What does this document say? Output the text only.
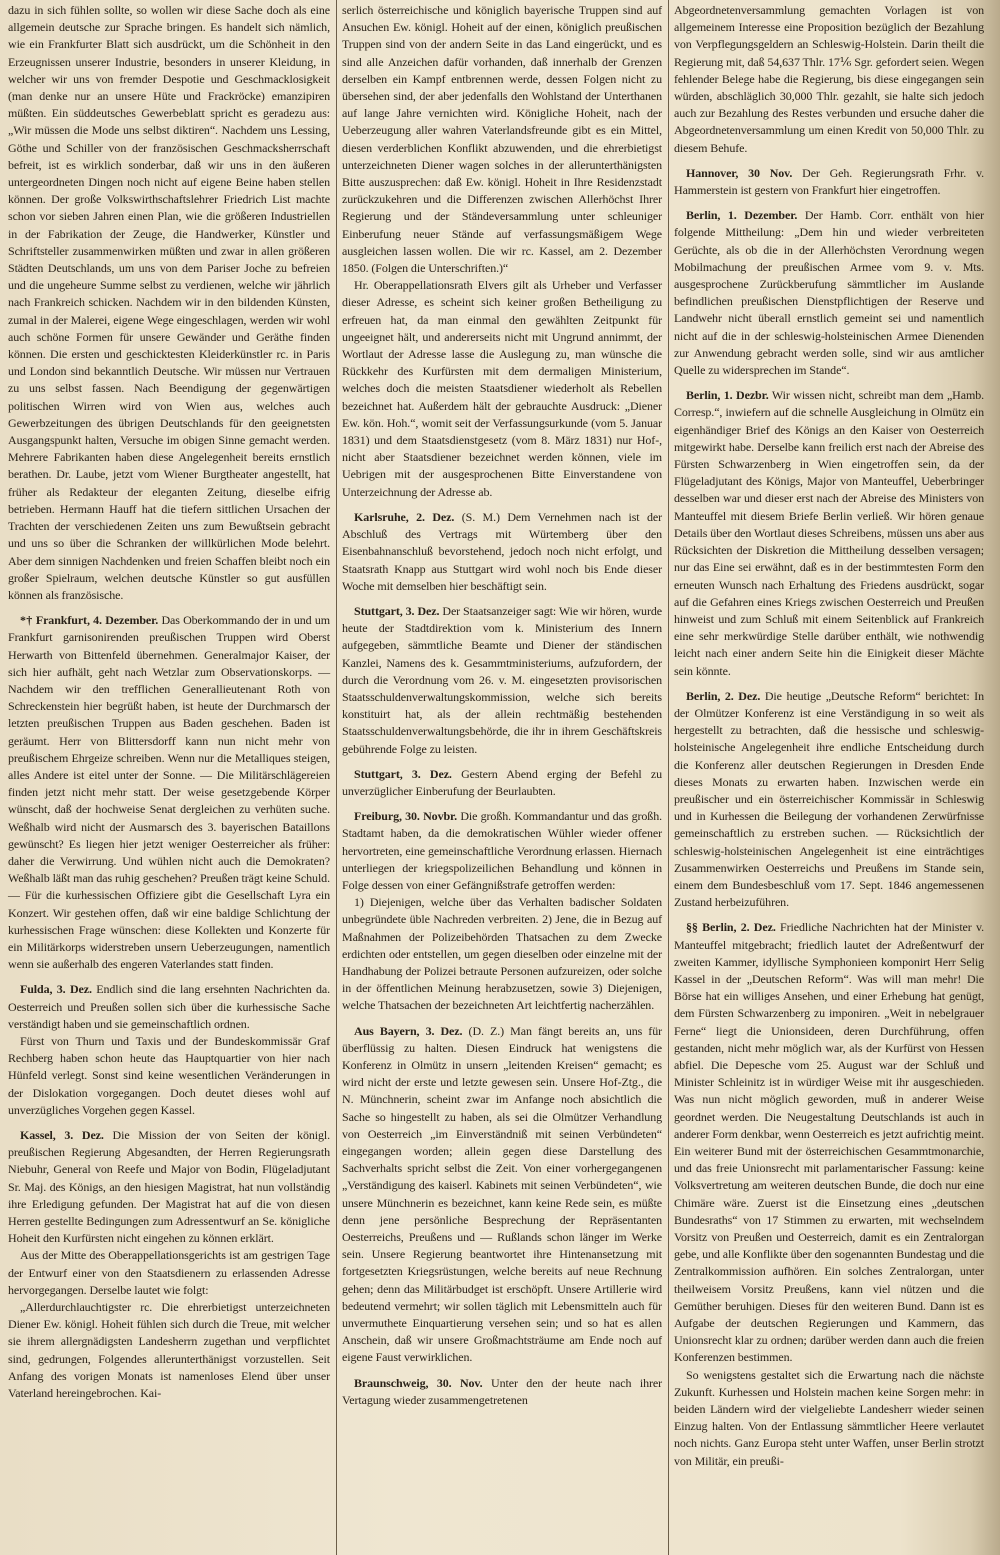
dazu in sich fühlen sollte, so wollen wir diese Sache doch als eine allgemein deutsche zur Sprache bringen. Es handelt sich nämlich, wie ein Frankfurter Blatt sich ausdrückt, um die Schönheit in den Erzeugnissen unserer Industrie, besonders in unserer Kleidung, in welcher wir uns von fremder Despotie und Geschmacklosigkeit (man denke nur an unsere Hüte und Frackröcke) emanzipiren müßten. Ein süddeutsches Gewerbeblatt spricht es geradezu aus: „Wir müssen die Mode uns selbst diktiren“. Nachdem uns Lessing, Göthe und Schiller von der französischen Geschmacksherrschaft befreit, ist es wirklich sonderbar, daß wir uns in den äußeren untergeordneten Dingen noch nicht auf eigene Beine haben stellen können. Der große Volkswirthschaftslehrer Friedrich List machte schon vor sieben Jahren einen Plan, wie die größeren Industriellen in der Fabrikation der Zeuge, die Handwerker, Künstler und Schriftsteller zusammenwirken müßten und zwar in allen größeren Städten Deutschlands, um uns von dem Pariser Joche zu befreien und die ungeheure Summe selbst zu verdienen, welche wir jährlich nach Frankreich schicken. Nachdem wir in den bildenden Künsten, zumal in der Malerei, eigene Wege eingeschlagen, werden wir wohl auch schöne Formen für unsere Gewänder und Geräthe finden können. Die ersten und geschicktesten Kleiderkünstler rc. in Paris und London sind bekanntlich Deutsche. Wir müssen nur Vertrauen zu uns selbst fassen. Nach Beendigung der gegenwärtigen politischen Wirren wird von Wien aus, welches auch Gewerbzeitungen des übrigen Deutschlands für den geeignetsten Ausgangspunkt halten, Versuche im obigen Sinne gemacht werden. Mehrere Fabrikanten haben diese Angelegenheit bereits ernstlich berathen. Dr. Laube, jetzt vom Wiener Burgtheater angestellt, hat früher als Redakteur der eleganten Zeitung, dieselbe eifrig betrieben. Hermann Hauff hat die tiefern sittlichen Ursachen der Trachten der verschiedenen Zeiten uns zum Bewußtsein gebracht und uns so über die Schranken der willkürlichen Mode belehrt. Aber dem sinnigen Nachdenken und freien Schaffen bleibt noch ein großer Spielraum, welchen deutsche Künstler so gut ausfüllen können als französische.

*† Frankfurt, 4. Dezember. Das Oberkommando der in und um Frankfurt garnisonirenden preußischen Truppen wird Oberst Herwarth von Bittenfeld übernehmen. Generalmajor Kaiser, der sich hier aufhält, geht nach Wetzlar zum Observationskorps. — Nachdem wir den trefflichen Generallieutenant Roth von Schreckenstein hier begrüßt haben, ist heute der Durchmarsch der letzten preußischen Truppen aus Baden geschehen. Baden ist geräumt. Herr von Blittersdorff kann nun nicht mehr von preußischem Ehrgeize schreiben. Wenn nur die Metalliques steigen, alles Andere ist eitel unter der Sonne. — Die Militärschlägereien finden jetzt nicht mehr statt. Der weise gesetzgebende Körper wünscht, daß der hochweise Senat dergleichen zu verhüten suche. Weßhalb wird nicht der Ausmarsch des 3. bayerischen Bataillons gewünscht? Es liegen hier jetzt weniger Oesterreicher als früher: daher die Verwirrung. Und wühlen nicht auch die Demokraten? Weßhalb läßt man das ruhig geschehen? Preußen trägt keine Schuld. — Für die kurhessischen Offiziere gibt die Gesellschaft Lyra ein Konzert. Wir gestehen offen, daß wir eine baldige Schlichtung der kurhessischen Frage wünschen: diese Kollekten und Konzerte für ein Militärkorps widerstreben unsern Ueberzeugungen, namentlich wenn sie außerhalb des engeren Vaterlandes statt finden.

Fulda, 3. Dez. Endlich sind die lang ersehnten Nachrichten da. Oesterreich und Preußen sollen sich über die kurhessische Sache verständigt haben und sie gemeinschaftlich ordnen.

Fürst von Thurn und Taxis und der Bundeskommissär Graf Rechberg haben schon heute das Hauptquartier von hier nach Hünfeld verlegt. Sonst sind keine wesentlichen Veränderungen in der Dislokation vorgegangen. Doch deutet dieses wohl auf unverzügliches Vorgehen gegen Kassel.

Kassel, 3. Dez. Die Mission der von Seiten der königl. preußischen Regierung Abgesandten, der Herren Regierungsrath Niebuhr, General von Reefe und Major von Bodin, Flügeladjutant Sr. Maj. des Königs, an den hiesigen Magistrat, hat nun vollständig ihre Erledigung gefunden. Der Magistrat hat auf die von diesen Herren gestellte Bedingungen zum Adressentwurf an Se. königliche Hoheit den Kurfürsten nicht eingehen zu können erklärt.

Aus der Mitte des Oberappellationsgerichts ist am gestrigen Tage der Entwurf einer von den Staatsdienern zu erlassenden Adresse hervorgegangen. Derselbe lautet wie folgt:

„Allerdurchlauchtigster rc. Die ehrerbietigst unterzeichneten Diener Ew. königl. Hoheit fühlen sich durch die Treue, mit welcher sie ihrem allergnädigsten Landesherrn zugethan und verpflichtet sind, gedrungen, Folgendes allerunterthänigst vorzustellen. Seit Anfang des vorigen Monats ist namenloses Elend über unser Vaterland hereingebrochen. Kai-

serlich österreichische und königlich bayerische Truppen sind auf Ansuchen Ew. königl. Hoheit auf der einen, königlich preußischen Truppen sind von der andern Seite in das Land eingerückt, und es sind alle Anzeichen dafür vorhanden, daß innerhalb der Grenzen derselben ein Kampf entbrennen werde, dessen Folgen nicht zu übersehen sind, der aber jedenfalls den Wohlstand der Unterthanen auf lange Jahre vernichten wird. Königliche Hoheit, nach der Ueberzeugung aller wahren Vaterlandsfreunde gibt es ein Mittel, diesen verderblichen Konflikt abzuwenden, und die ehrerbietigst unterzeichneten Diener wagen solches in der allerunterthänigsten Bitte auszusprechen: daß Ew. königl. Hoheit in Ihre Residenzstadt zurückzukehren und die Differenzen zwischen Allerhöchst Ihrer Regierung und der Ständeversammlung unter schleuniger Einberufung neuer Stände auf verfassungsmäßigem Wege ausgleichen lassen wollen. Die wir rc. Kassel, am 2. Dezember 1850. (Folgen die Unterschriften.)“

Hr. Oberappellationsrath Elvers gilt als Urheber und Verfasser dieser Adresse, es scheint sich keiner großen Betheiligung zu erfreuen hat, da man einmal den gewählten Zeitpunkt für ungeeignet hält, und andererseits nicht mit Ungrund annimmt, der Wortlaut der Adresse lasse die Auslegung zu, man wünsche die Rückkehr des Kurfürsten mit dem dermaligen Ministerium, welches doch die meisten Staatsdiener wiederholt als Rebellen bezeichnet hat. Außerdem hält der gebrauchte Ausdruck: „Diener Ew. kön. Hoh.“, womit seit der Verfassungsurkunde (vom 5. Januar 1831) und dem Staatsdienstgesetz (vom 8. März 1831) nur Hof-, nicht aber Staatsdiener bezeichnet werden können, viele im Uebrigen mit der ausgesprochenen Bitte Einverstandene von Unterzeichnung der Adresse ab.

Karlsruhe, 2. Dez. (S. M.) Dem Vernehmen nach ist der Abschluß des Vertrags mit Würtemberg über den Eisenbahnanschluß bevorstehend, jedoch noch nicht erfolgt, und Staatsrath Knapp aus Stuttgart wird wohl noch bis Ende dieser Woche mit demselben hier beschäftigt sein.

Stuttgart, 3. Dez. Der Staatsanzeiger sagt: Wie wir hören, wurde heute der Stadtdirektion vom k. Ministerium des Innern aufgegeben, sämmtliche Beamte und Diener der ständischen Kanzlei, Namens des k. Gesammtministeriums, aufzufordern, der durch die Verordnung vom 26. v. M. eingesetzten provisorischen Staatsschuldenverwaltungskommission, welche sich bereits konstituirt hat, als der allein rechtmäßig bestehenden Staatsschuldenverwaltungsbehörde, die ihr in ihrem Geschäftskreis gebührende Folge zu leisten.

Stuttgart, 3. Dez. Gestern Abend erging der Befehl zu unverzüglicher Einberufung der Beurlaubten.

Freiburg, 30. Novbr. Die großh. Kommandantur und das großh. Stadtamt haben, da die demokratischen Wühler wieder offener hervortreten, eine gemeinschaftliche Verordnung erlassen. Hiernach unterliegen der kriegspolizeilichen Behandlung und können in Folge dessen von einer Gefängnißstrafe getroffen werden:

1) Diejenigen, welche über das Verhalten badischer Soldaten unbegründete üble Nachreden verbreiten. 2) Jene, die in Bezug auf Maßnahmen der Polizeibehörden Thatsachen zu dem Zwecke erdichten oder entstellen, um gegen dieselben oder einzelne mit der Handhabung der Polizei betraute Personen aufzureizen, oder solche in der öffentlichen Meinung herabzusetzen, sowie 3) Diejenigen, welche Thatsachen der bezeichneten Art leichtfertig nacherzählen.

Aus Bayern, 3. Dez. (D. Z.) Man fängt bereits an, uns für überflüssig zu halten. Diesen Eindruck hat wenigstens die Konferenz in Olmütz in unsern „leitenden Kreisen“ gemacht; es wird nicht der erste und letzte gewesen sein. Unsere Hof-Ztg., die N. Münchnerin, scheint zwar im Anfange noch absichtlich die Sache so hingestellt zu haben, als sei die Olmützer Verhandlung von Oesterreich „im Einverständniß mit seinen Verbündeten“ eingegangen worden; allein gegen diese Darstellung des Sachverhalts spricht selbst die Zeit. Von einer vorhergegangenen „Verständigung des kaiserl. Kabinets mit seinen Verbündeten“, wie unsere Münchnerin es bezeichnet, kann keine Rede sein, es müßte denn jene persönliche Besprechung der Repräsentanten Oesterreichs, Preußens und — Rußlands schon länger im Werke sein. Unsere Regierung beantwortet ihre Hintenansetzung mit fortgesetzten Kriegsrüstungen, welche bereits auf neue Rechnung gehen; denn das Militärbudget ist erschöpft. Unsere Artillerie wird bedeutend vermehrt; wir sollen täglich mit Lebensmitteln auch für unvermuthete Einquartierung versehen sein; und so hat es allen Anschein, daß wir unsere Großmachtsträume am Ende noch auf eigene Faust verwirklichen.

Braunschweig, 30. Nov. Unter den der heute nach ihrer Vertagung wieder zusammengetretenen

Abgeordnetenversammlung gemachten Vorlagen ist von allgemeinem Interesse eine Proposition bezüglich der Bezahlung von Verpflegungsgeldern an Schleswig-Holstein. Darin theilt die Regierung mit, daß 54,637 Thlr. 17⅙ Sgr. gefordert seien. Wegen fehlender Belege habe die Regierung, bis diese eingegangen sein würden, abschläglich 30,000 Thlr. gezahlt, sie halte sich jedoch auch zur Bezahlung des Restes verbunden und ersuche daher die Abgeordnetenversammlung um einen Kredit von 50,000 Thlr. zu diesem Behufe.

Hannover, 30 Nov. Der Geh. Regierungsrath Frhr. v. Hammerstein ist gestern von Frankfurt hier eingetroffen.

Berlin, 1. Dezember. Der Hamb. Corr. enthält von hier folgende Mittheilung: „Dem hin und wieder verbreiteten Gerüchte, als ob die in der Allerhöchsten Verordnung wegen Mobilmachung der preußischen Armee vom 9. v. Mts. ausgesprochene Zurückberufung sämmtlicher im Auslande befindlichen preußischen Dienstpflichtigen der Reserve und Landwehr nicht überall ernstlich gemeint sei und namentlich nicht auf die in der schleswig-holsteinischen Armee Dienenden zur Anwendung gebracht werden solle, sind wir aus amtlicher Quelle zu widersprechen im Stande“.

Berlin, 1. Dezbr. Wir wissen nicht, schreibt man dem „Hamb. Corresp.“, inwiefern auf die schnelle Ausgleichung in Olmütz ein eigenhändiger Brief des Königs an den Kaiser von Oesterreich mitgewirkt habe. Derselbe kann freilich erst nach der Abreise des Fürsten Schwarzenberg in Wien eingetroffen sein, da der Flügeladjutant des Königs, Major von Manteuffel, Ueberbringer desselben war und dieser erst nach der Abreise des Ministers von Manteuffel mit diesem Briefe Berlin verließ. Wir hören genaue Details über den Wortlaut dieses Schreibens, müssen uns aber aus Rücksichten der Diskretion die Mittheilung desselben versagen; nur das Eine sei erwähnt, daß es in der bestimmtesten Form den erneuten Wunsch nach Erhaltung des Friedens ausdrückt, sogar auf die Gefahren eines Kriegs zwischen Oesterreich und Preußen hinweist und zum Schluß mit einem Seitenblick auf Frankreich eine sehr merkwürdige Stelle darüber enthält, wie nothwendig leicht nach einer andern Seite hin die Einigkeit dieser Mächte sein könnte.

Berlin, 2. Dez. Die heutige „Deutsche Reform“ berichtet: In der Olmützer Konferenz ist eine Verständigung in so weit als hergestellt zu betrachten, daß die hessische und schleswig-holsteinische Angelegenheit ihre endliche Entscheidung durch die Konferenz aller deutschen Regierungen in Dresden Ende dieses Monats zu erwarten haben. Inzwischen werde ein preußischer und ein österreichischer Kommissär in Schleswig und in Kurhessen die Beilegung der vorhandenen Zerwürfnisse gemeinschaftlich zu erstreben suchen. — Rücksichtlich der schleswig-holsteinischen Angelegenheit ist eine einträchtiges Zusammenwirken Oesterreichs und Preußens im Stande sein, einem dem Bundesbeschluß vom 17. Sept. 1846 angemessenen Zustand herbeizuführen.

§§ Berlin, 2. Dez. Friedliche Nachrichten hat der Minister v. Manteuffel mitgebracht; friedlich lautet der Adreßentwurf der zweiten Kammer, idyllische Symphonieen komponirt Herr Selig Kassel in der „Deutschen Reform“. Was will man mehr! Die Börse hat ein williges Ansehen, und einer Erhebung hat genügt, dem Fürsten Schwarzenberg zu imponiren. „Weit in nebelgrauer Ferne“ liegt die Unionsideen, deren Durchführung, offen gestanden, nicht mehr möglich war, als der Kurfürst von Hessen abfiel. Die Depesche vom 25. August war der Schluß und Minister Schleinitz ist in würdiger Weise mit ihr ausgeschieden. Was nun nicht möglich geworden, muß in anderer Weise geordnet werden. Die Neugestaltung Deutschlands ist auch in anderer Form denkbar, wenn Oesterreich es jetzt aufrichtig meint. Ein weiterer Bund mit der österreichischen Gesammtmonarchie, und das freie Unionsrecht mit parlamentarischer Fassung: keine Volksvertretung am weiteren deutschen Bunde, die doch nur eine Chimäre wäre. Zuerst ist die Einsetzung eines „deutschen Bundesraths“ von 17 Stimmen zu erwarten, mit wechselndem Vorsitz von Preußen und Oesterreich, damit es ein Zentralorgan gebe, und alle Konflikte über den sogenannten Bundestag und die Zentralkommission aufhören. Ein solches Zentralorgan, unter theilweisem Vorsitz Preußens, kann viel nützen und die Gemüther beruhigen. Dieses für den weiteren Bund. Dann ist es Aufgabe der deutschen Regierungen und Kammern, das Unionsrecht klar zu ordnen; darüber werden dann auch die freien Konferenzen bestimmen.

So wenigstens gestaltet sich die Erwartung nach die nächste Zukunft. Kurhessen und Holstein machen keine Sorgen mehr: in beiden Ländern wird der vielgeliebte Landesherr wieder seinen Einzug halten. Von der Entlassung sämmtlicher Heere verlautet noch nichts. Ganz Europa steht unter Waffen, unser Berlin strotzt von Militär, ein preußi-
